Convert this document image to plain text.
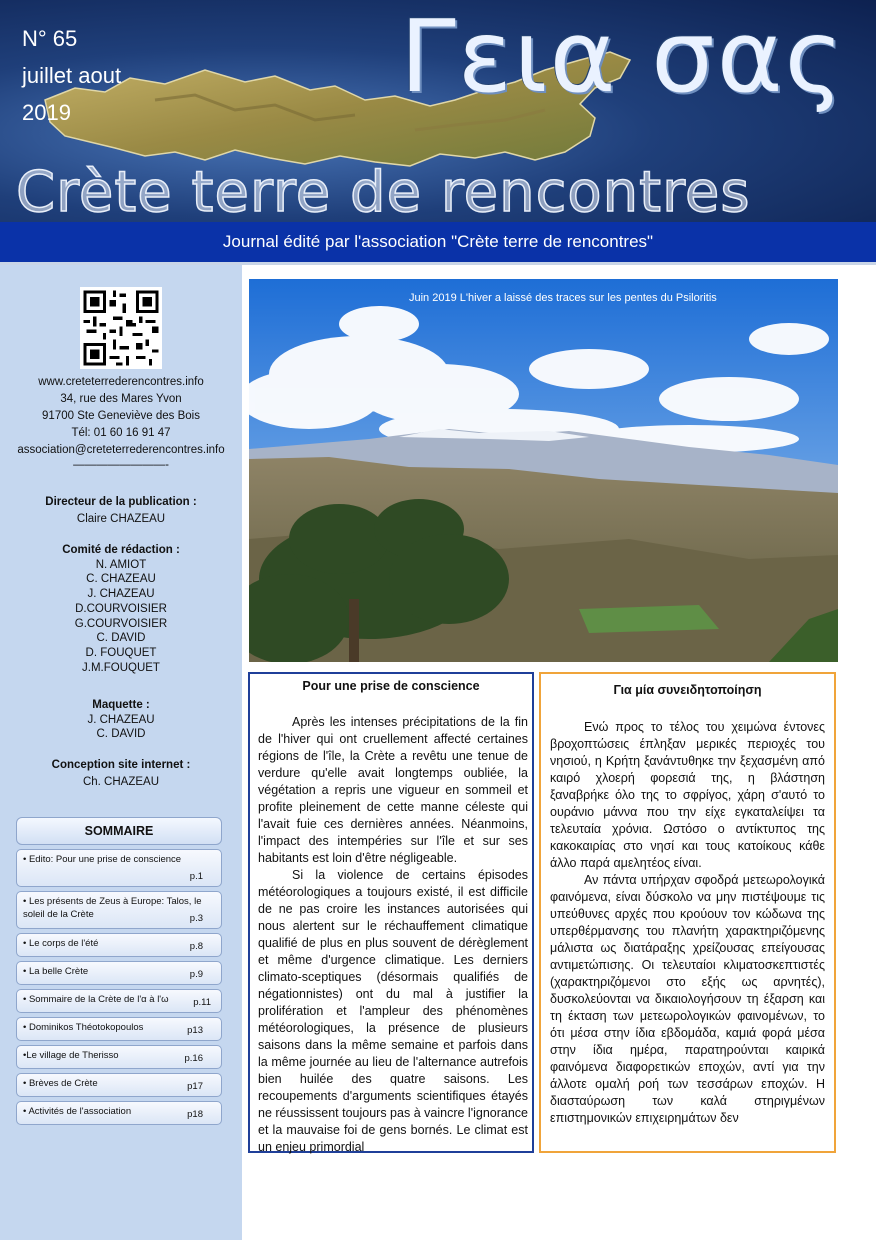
N° 65
juillet aout
2019	Γεια σας
Crète terre de rencontres
Journal édité par l'association "Crète terre de rencontres"
www.creteterrederencontres.info
34, rue des Mares Yvon
91700 Ste Geneviève des Bois
Tél: 01 60 16 91 47
association@creteterrederencontres.info
————————-
Directeur de la publication :
Claire CHAZEAU
Comité de rédaction :
N. AMIOT
C. CHAZEAU
J. CHAZEAU
D.COURVOISIER
G.COURVOISIER
C. DAVID
D. FOUQUET
J.M.FOUQUET
Maquette :
J. CHAZEAU
C. DAVID
Conception site internet :
Ch. CHAZEAU
SOMMAIRE
• Edito: Pour une prise de conscience
p.1
• Les présents de Zeus à Europe: Talos, le soleil de la Crète	p.3
• Le corps de l'été	p.8
• La belle Crète	p.9
• Sommaire de la Crète de l'α à l'ω	p.11
• Dominikos Théotokopoulos	p13
•Le village de Therisso	p.16
• Brèves de Crète	p17
• Activités de l'association	p18
Juin 2019 L'hiver a laissé des traces sur les pentes du Psiloritis
Pour une prise de conscience

Après les intenses précipitations de la fin de l'hiver qui ont cruellement affecté certaines régions de l'île, la Crète a revêtu une tenue de verdure qu'elle avait longtemps oubliée, la végétation a repris une vigueur en sommeil et profite pleinement de cette manne céleste qui l'avait fuie ces dernières années. Néanmoins, l'impact des intempéries sur l'île et sur ses habitants est loin d'être négligeable.

Si la violence de certains épisodes météorologiques a toujours existé, il est difficile de ne pas croire les instances autorisées qui nous alertent sur le réchauffement climatique qualifié de plus en plus souvent de dérèglement et même d'urgence climatique. Les derniers climato-sceptiques (désormais qualifiés de négationnistes) ont du mal à justifier la prolifération et l'ampleur des phénomènes météorologiques, la présence de plusieurs saisons dans la même semaine et parfois dans la même journée au lieu de l'alternance autrefois bien huilée des quatre saisons. Les recoupements d'arguments scientifiques étayés ne réussissent toujours pas à vaincre l'ignorance et la mauvaise foi de gens bornés. Le climat est un enjeu primordial

Για μία συνειδητοποίηση

Ενώ προς το τέλος του χειμώνα έντονες βροχοπτώσεις έπληξαν μερικές περιοχές του νησιού, η Κρήτη ξανάντυθηκε την ξεχασμένη από καιρό χλοερή φορεσιά της, η βλάστηση ξαναβρήκε όλο της το σφρίγος, χάρη σ'αυτό το ουράνιο μάννα που την είχε εγκαταλείψει τα τελευταία χρόνια. Ωστόσο ο αντίκτυπος της κακοκαιρίας στο νησί και τους κατοίκους κάθε άλλο παρά αμελητέος είναι.

Αν πάντα υπήρχαν σφοδρά μετεωρολογικά φαινόμενα, είναι δύσκολο να μην πιστέψουμε τις υπεύθυνες αρχές που κρούουν τον κώδωνα της υπερθέρμανσης του πλανήτη χαρακτηριζόμενης μάλιστα ως διατάραξης χρείζουσας επείγουσας αντιμετώπισης. Οι τελευταίοι κλιματοσκεπτιστές (χαρακτηριζόμενοι στο εξής ως αρνητές), δυσκολεύονται να δικαιολογήσουν τη έξαρση και τη έκταση των μετεωρολογικών φαινομένων, το ότι μέσα στην ίδια εβδομάδα, καμιά φορά μέσα στην ίδια ημέρα, παρατηρούνται καιρικά φαινόμενα διαφορετικών εποχών, αντί για την άλλοτε ομαλή ροή των τεσσάρων εποχών. Η διασταύρωση των καλά στηριγμένων επιστημονικών επιχειρημάτων δεν
